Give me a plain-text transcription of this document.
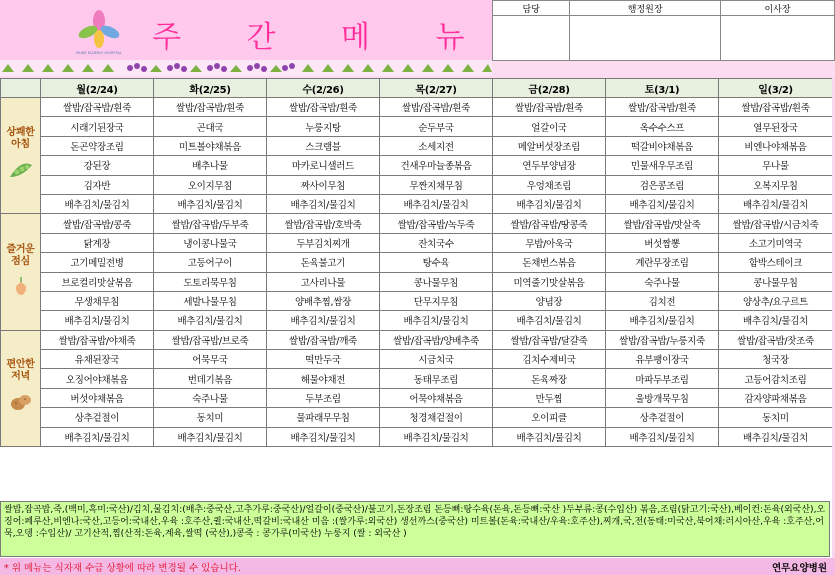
MUKE ELDERLY HOSPITAL 주 간 메 뉴
담당	행정원장	이사장

	월(2/24)	화(2/25)	수(2/26)	목(2/27)	금(2/28)	토(3/1)	일(3/2)

상쾌한 아침	쌀밥/잡곡밥/흰죽	쌀밥/잡곡밥/흰죽	쌀밥/잡곡밥/흰죽	쌀밥/잡곡밥/흰죽	쌀밥/잡곡밥/흰죽	쌀밥/잡곡밥/흰죽	쌀밥/잡곡밥/흰죽
	시래기된장국	곤대국	누룽지탕	순두부국	얼갈이국	옥수수스프	열무된장국
	돈곤약장조림	미트볼야채볶음	스크램블	소세지전	메알버섯장조림	떡갈비야채볶음	비엔나야채볶음
	강된장	배추나물	마카로니샐러드	건새우마늘종볶음	연두부양념장	민물새우무조림	무나물
	김자반	오이지무침	짜사이무침	무짠지채무침	우엉채조림	검은콩조림	오복지무침
	배추김치/물김치	배추김치/물김치	배추김치/물김치	배추김치/물김치	배추김치/물김치	배추김치/물김치	배추김치/물김치

즐거운 점심	쌀밥/잡곡밥/콩죽	쌀밥/잡곡밥/두부죽	쌀밥/잡곡밥/호박죽	쌀밥/잡곡밥/녹두죽	쌀밥/잡곡밥/땅콩죽	쌀밥/잡곡밥/맛살죽	쌀밥/잡곡밥/시금치죽
	닭계장	냉이콩나물국	두부김치찌개	잔치국수	무밥/아욱국	버섯짬뽕	소고기미역국
	고기메밀전병	고등어구이	돈육불고기	탕수육	돈채번스볶음	계란무장조림	함박스테이크
	브로컬리맛살볶음	도토리묵무침	고사리나물	콩나물무침	미역줄기맛살볶음	숙주나물	콩나물무침
	무생채무침	세발나물무침	양배추찜,쌈장	단무지무침	양념장	김치전	양상추/요구르트
	배추김치/물김치	배추김치/물김치	배추김치/물김치	배추김치/물김치	배추김치/물김치	배추김치/물김치	배추김치/물김치

편안한 저녁	쌀밥/잡곡밥/야채죽	쌀밥/잡곡밥/브로죽	쌀밥/잡곡밥/깨죽	쌀밥/잡곡밥/양배추죽	쌀밥/잡곡밥/달걀죽	쌀밥/잡곡밥/누룽지죽	쌀밥/잡곡밥/잣조죽
	유채된장국	어묵무국	떡만두국	시금치국	김치수제비국	유부팽이장국	청국장
	오징어야채볶음	번데기볶음	해물야채전	동태무조림	돈육짜장	마파두부조림	고등어감치조림
	버섯야채볶음	숙주나물	두부조림	어묵야채볶음	만두찜	울방개묵무침	감자양파채볶음
	상추겉절이	동치미	물파래무무침	청경채겉절이	오이피클	상추겉절이	동치미
	배추김치/물김치	배추김치/물김치	배추김치/물김치	배추김치/물김치	배추김치/물김치	배추김치/물김치	배추김치/물김치
쌀밥,잡곡밥,죽,(백미,흑미:국산)/김치,물김치:(배추:중국산,고추가루:중국산)/얼갈이(중국산)/불고기,돈장조림 돈등뼈:탕수육(돈육,돈등뼈:국산 )두부류:콩(수입산) 볶음,조림(닭고기:국산),베이컨:돈육(외국산),오징어:페루산,비엔나:국산,고등어:국내산,우육 :호주산,퀼:국내산,떡갈비:국내산 미음 :(쌀가루:외국산) 생선까스(중국산) 미트볼(돈육:국내산/우육:호주산),찌개,국,전(동태:미국산,북어채:러시아산,우육 :호주산,어묵,오뎅 :수입산)/ 고기산적,찜(산적:돈육,계육,쌀떡 (국산),)콩죽 : 콩가루(미국산) 누룽지 (쌀 : 외국산 )
* 위 메뉴는 식자재 수급 상황에 따라 변경될 수 있습니다.	연무요양병원
